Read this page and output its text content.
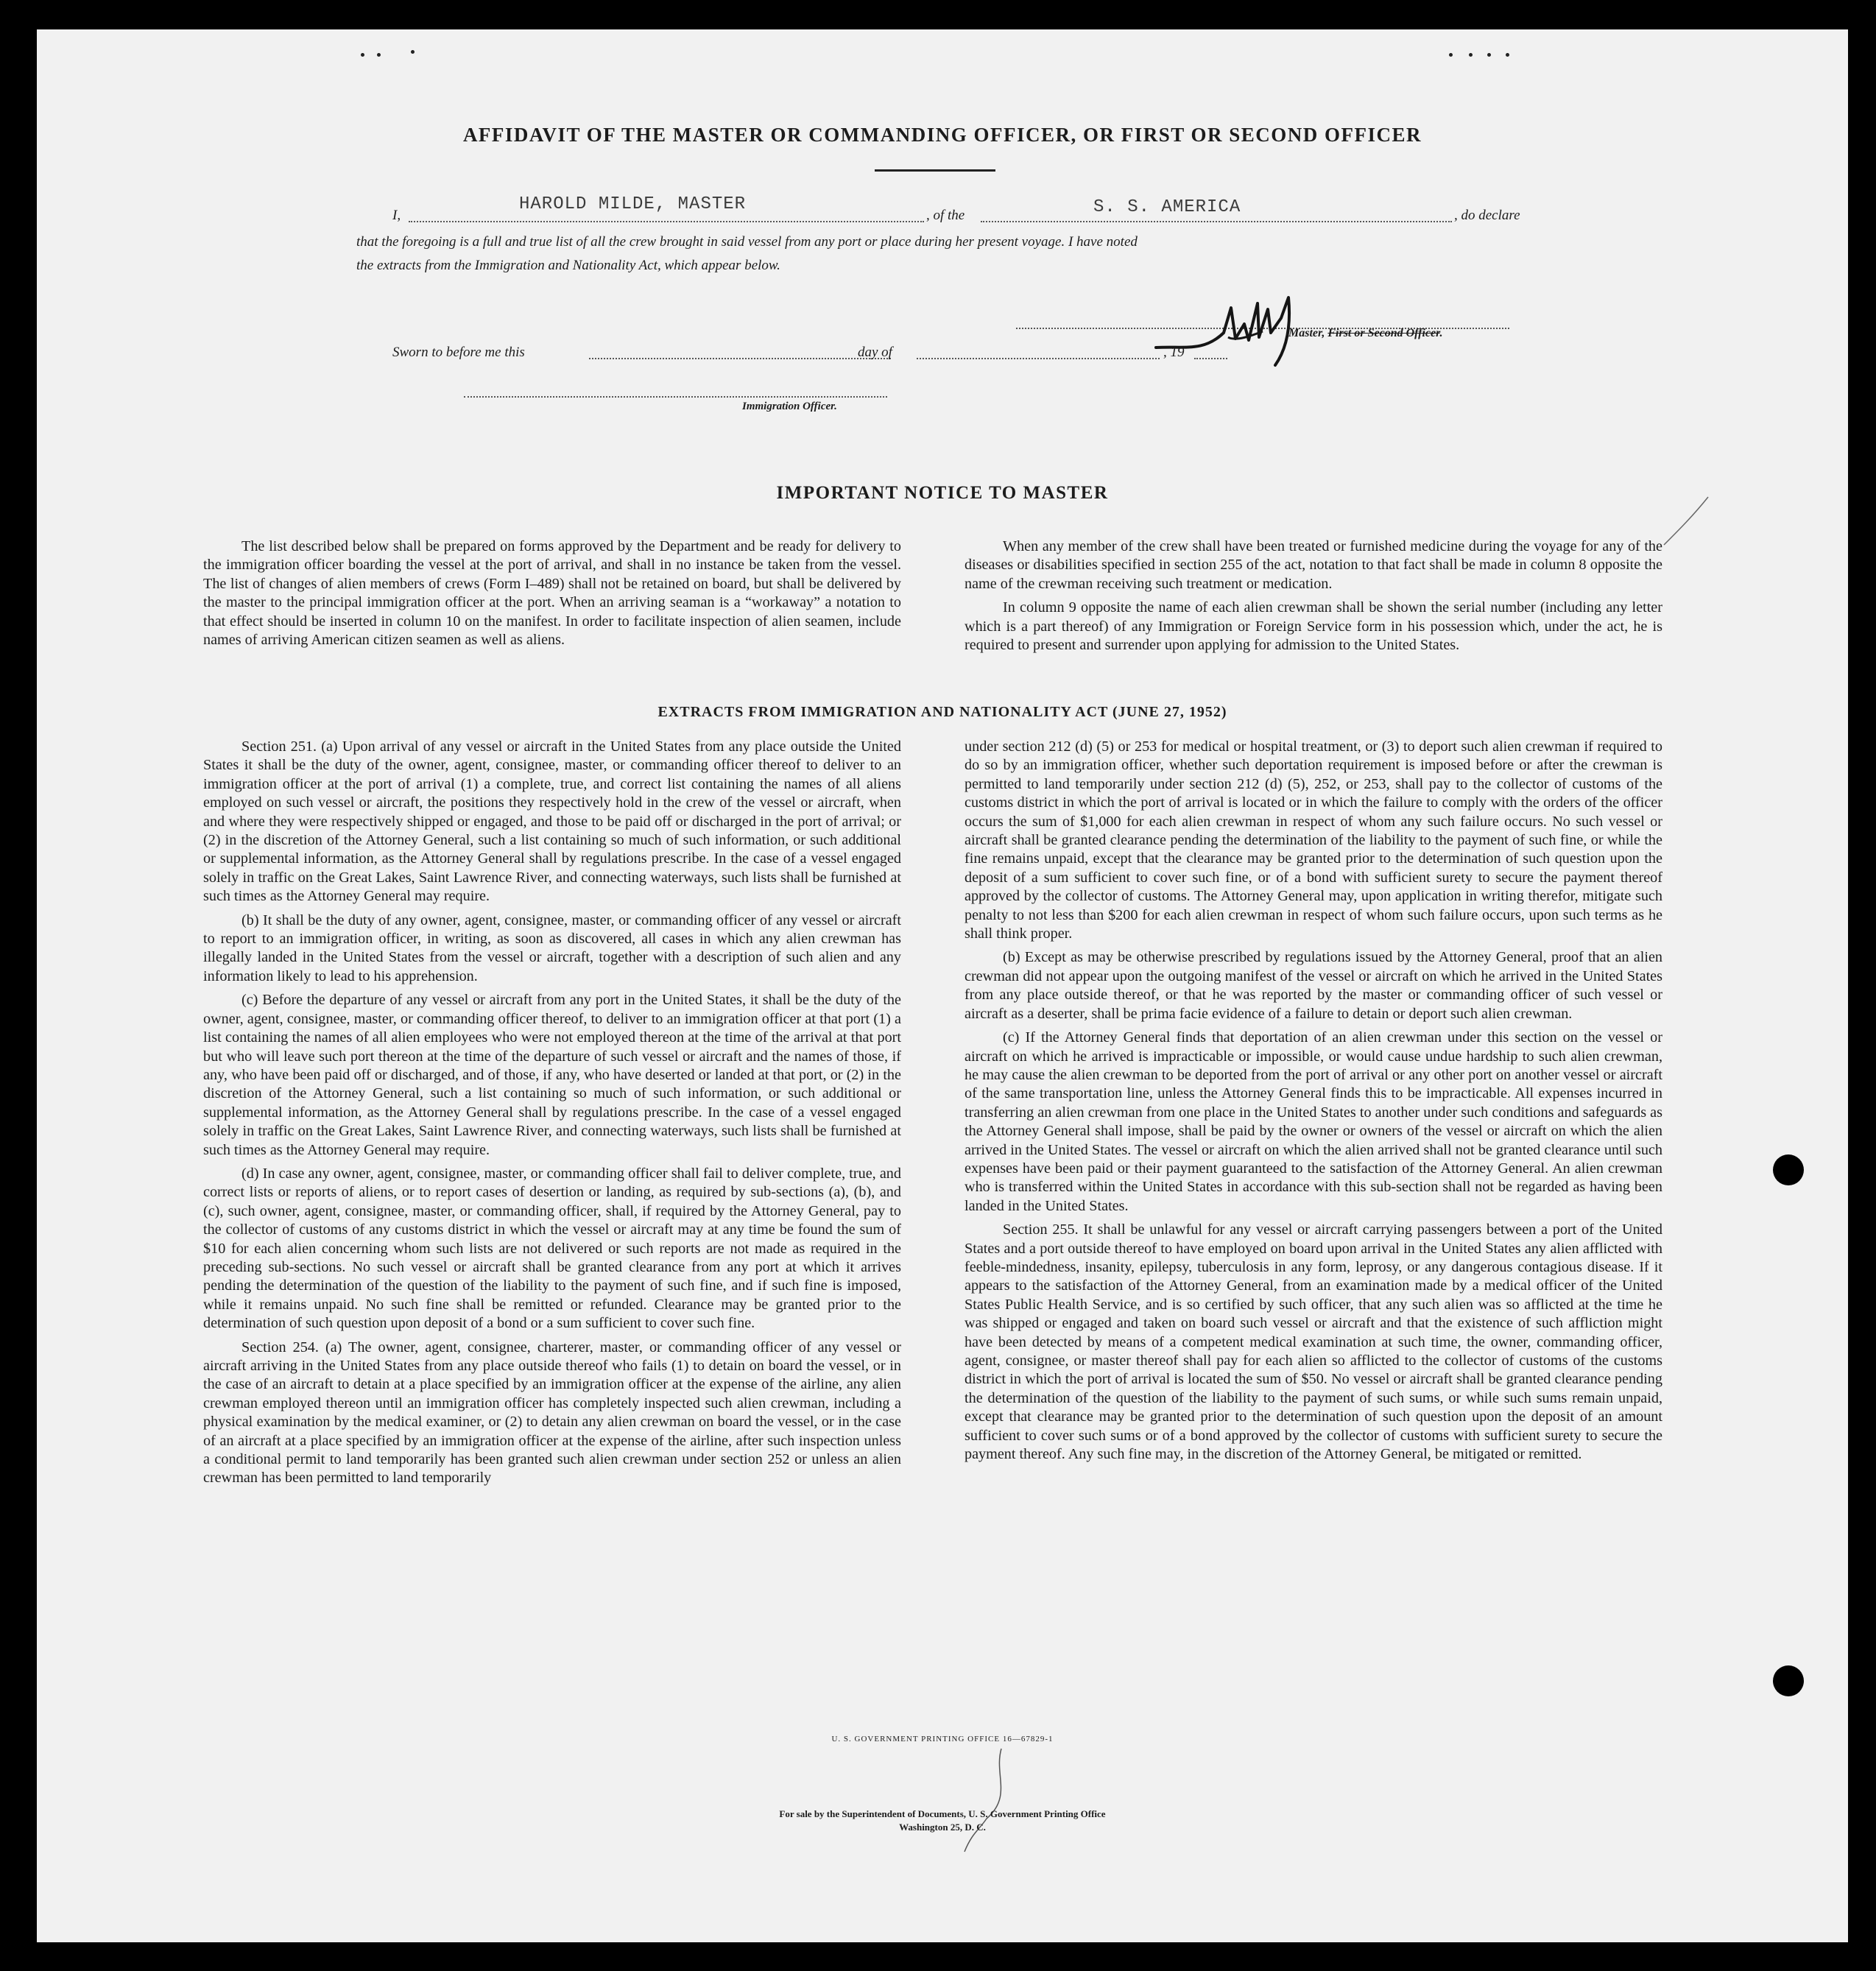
AFFIDAVIT OF THE MASTER OR COMMANDING OFFICER, OR FIRST OR SECOND OFFICER
I,
HAROLD MILDE, MASTER
, of the	S. S. AMERICA	, do declare
that the foregoing is a full and true list of all the crew brought in said vessel from any port or place during her present voyage. I have noted
the extracts from the Immigration and Nationality Act, which appear below.
Master, First or Second Officer.
Sworn to before me this	day of	, 19
Immigration Officer.
IMPORTANT NOTICE TO MASTER

The list described below shall be prepared on forms approved by the Department and be ready for delivery to the immigration officer boarding the vessel at the port of arrival, and shall in no instance be taken from the vessel. The list of changes of alien members of crews (Form I–489) shall not be retained on board, but shall be delivered by the master to the principal immigration officer at the port. When an arriving seaman is a “workaway” a notation to that effect should be inserted in column 10 on the manifest. In order to facilitate inspection of alien seamen, include names of arriving American citizen seamen as well as aliens.

When any member of the crew shall have been treated or furnished medicine during the voyage for any of the diseases or disabilities specified in section 255 of the act, notation to that fact shall be made in column 8 opposite the name of the crewman receiving such treatment or medication.

In column 9 opposite the name of each alien crewman shall be shown the serial number (including any letter which is a part thereof) of any Immigration or Foreign Service form in his possession which, under the act, he is required to present and surrender upon applying for admission to the United States.

EXTRACTS FROM IMMIGRATION AND NATIONALITY ACT (JUNE 27, 1952)

Section 251. (a) Upon arrival of any vessel or aircraft in the United States from any place outside the United States it shall be the duty of the owner, agent, consignee, master, or commanding officer thereof to deliver to an immigration officer at the port of arrival (1) a complete, true, and correct list containing the names of all aliens employed on such vessel or aircraft, the positions they respectively hold in the crew of the vessel or aircraft, when and where they were respectively shipped or engaged, and those to be paid off or discharged in the port of arrival; or (2) in the discretion of the Attorney General, such a list containing so much of such information, or such additional or supplemental information, as the Attorney General shall by regulations prescribe. In the case of a vessel engaged solely in traffic on the Great Lakes, Saint Lawrence River, and connecting waterways, such lists shall be furnished at such times as the Attorney General may require.

(b) It shall be the duty of any owner, agent, consignee, master, or commanding officer of any vessel or aircraft to report to an immigration officer, in writing, as soon as discovered, all cases in which any alien crewman has illegally landed in the United States from the vessel or aircraft, together with a description of such alien and any information likely to lead to his apprehension.

(c) Before the departure of any vessel or aircraft from any port in the United States, it shall be the duty of the owner, agent, consignee, master, or commanding officer thereof, to deliver to an immigration officer at that port (1) a list containing the names of all alien employees who were not employed thereon at the time of the arrival at that port but who will leave such port thereon at the time of the departure of such vessel or aircraft and the names of those, if any, who have been paid off or discharged, and of those, if any, who have deserted or landed at that port, or (2) in the discretion of the Attorney General, such a list containing so much of such information, or such additional or supplemental information, as the Attorney General shall by regulations prescribe. In the case of a vessel engaged solely in traffic on the Great Lakes, Saint Lawrence River, and connecting waterways, such lists shall be furnished at such times as the Attorney General may require.

(d) In case any owner, agent, consignee, master, or commanding officer shall fail to deliver complete, true, and correct lists or reports of aliens, or to report cases of desertion or landing, as required by sub-sections (a), (b), and (c), such owner, agent, consignee, master, or commanding officer, shall, if required by the Attorney General, pay to the collector of customs of any customs district in which the vessel or aircraft may at any time be found the sum of $10 for each alien concerning whom such lists are not delivered or such reports are not made as required in the preceding sub-sections. No such vessel or aircraft shall be granted clearance from any port at which it arrives pending the determination of the question of the liability to the payment of such fine, and if such fine is imposed, while it remains unpaid. No such fine shall be remitted or refunded. Clearance may be granted prior to the determination of such question upon deposit of a bond or a sum sufficient to cover such fine.

Section 254. (a) The owner, agent, consignee, charterer, master, or commanding officer of any vessel or aircraft arriving in the United States from any place outside thereof who fails (1) to detain on board the vessel, or in the case of an aircraft to detain at a place specified by an immigration officer at the expense of the airline, any alien crewman employed thereon until an immigration officer has completely inspected such alien crewman, including a physical examination by the medical examiner, or (2) to detain any alien crewman on board the vessel, or in the case of an aircraft at a place specified by an immigration officer at the expense of the airline, after such inspection unless a conditional permit to land temporarily has been granted such alien crewman under section 252 or unless an alien crewman has been permitted to land temporarily

under section 212 (d) (5) or 253 for medical or hospital treatment, or (3) to deport such alien crewman if required to do so by an immigration officer, whether such deportation requirement is imposed before or after the crewman is permitted to land temporarily under section 212 (d) (5), 252, or 253, shall pay to the collector of customs of the customs district in which the port of arrival is located or in which the failure to comply with the orders of the officer occurs the sum of $1,000 for each alien crewman in respect of whom any such failure occurs. No such vessel or aircraft shall be granted clearance pending the determination of the liability to the payment of such fine, or while the fine remains unpaid, except that the clearance may be granted prior to the determination of such question upon the deposit of a sum sufficient to cover such fine, or of a bond with sufficient surety to secure the payment thereof approved by the collector of customs. The Attorney General may, upon application in writing therefor, mitigate such penalty to not less than $200 for each alien crewman in respect of whom such failure occurs, upon such terms as he shall think proper.

(b) Except as may be otherwise prescribed by regulations issued by the Attorney General, proof that an alien crewman did not appear upon the outgoing manifest of the vessel or aircraft on which he arrived in the United States from any place outside thereof, or that he was reported by the master or commanding officer of such vessel or aircraft as a deserter, shall be prima facie evidence of a failure to detain or deport such alien crewman.

(c) If the Attorney General finds that deportation of an alien crewman under this section on the vessel or aircraft on which he arrived is impracticable or impossible, or would cause undue hardship to such alien crewman, he may cause the alien crewman to be deported from the port of arrival or any other port on another vessel or aircraft of the same transportation line, unless the Attorney General finds this to be impracticable. All expenses incurred in transferring an alien crewman from one place in the United States to another under such conditions and safeguards as the Attorney General shall impose, shall be paid by the owner or owners of the vessel or aircraft on which the alien arrived in the United States. The vessel or aircraft on which the alien arrived shall not be granted clearance until such expenses have been paid or their payment guaranteed to the satisfaction of the Attorney General. An alien crewman who is transferred within the United States in accordance with this sub-section shall not be regarded as having been landed in the United States.

Section 255. It shall be unlawful for any vessel or aircraft carrying passengers between a port of the United States and a port outside thereof to have employed on board upon arrival in the United States any alien afflicted with feeble-mindedness, insanity, epilepsy, tuberculosis in any form, leprosy, or any dangerous contagious disease. If it appears to the satisfaction of the Attorney General, from an examination made by a medical officer of the United States Public Health Service, and is so certified by such officer, that any such alien was so afflicted at the time he was shipped or engaged and taken on board such vessel or aircraft and that the existence of such affliction might have been detected by means of a competent medical examination at such time, the owner, commanding officer, agent, consignee, or master thereof shall pay for each alien so afflicted to the collector of customs of the customs district in which the port of arrival is located the sum of $50. No vessel or aircraft shall be granted clearance pending the determination of the question of the liability to the payment of such sums, or while such sums remain unpaid, except that clearance may be granted prior to the determination of such question upon the deposit of an amount sufficient to cover such sums or of a bond approved by the collector of customs with sufficient surety to secure the payment thereof. Any such fine may, in the discretion of the Attorney General, be mitigated or remitted.

U. S. GOVERNMENT PRINTING OFFICE 16—67829-1
For sale by the Superintendent of Documents, U. S. Government Printing Office
Washington 25, D. C.
